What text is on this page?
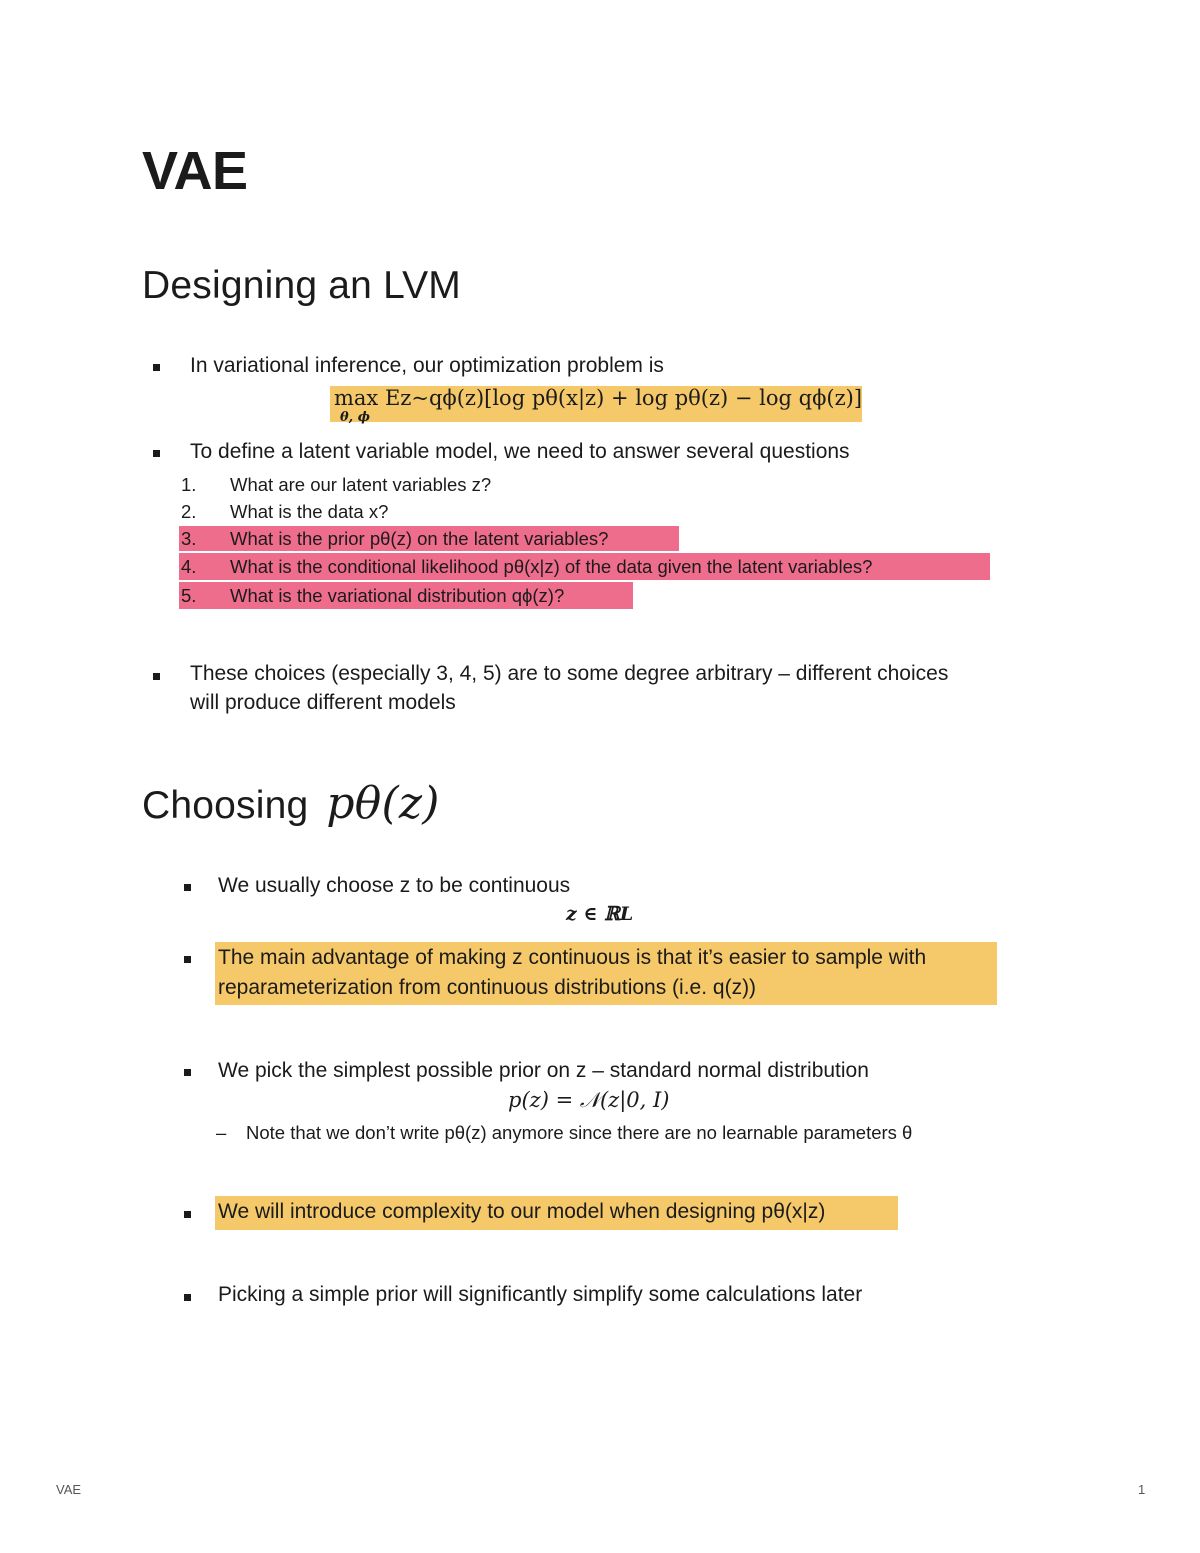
VAE
Designing an LVM
In variational inference, our optimization problem is
max Ez~qϕ(z)[log pθ(x|z) + log pθ(z) − log qϕ(z)]
θ, ϕ
To define a latent variable model, we need to answer several questions
1. What are our latent variables z?
2. What is the data x?
3. What is the prior pθ(z) on the latent variables?
4. What is the conditional likelihood pθ(x|z) of the data given the latent variables?
5. What is the variational distribution qϕ(z)?
These choices (especially 3, 4, 5) are to some degree arbitrary – different choices
will produce different models
Choosing pθ(z)
We usually choose z to be continuous
z ∈ ℝL
The main advantage of making z continuous is that it’s easier to sample with
reparameterization from continuous distributions (i.e. q(z))
We pick the simplest possible prior on z – standard normal distribution
p(z) = 𝒩(z|0, I)
– Note that we don’t write pθ(z) anymore since there are no learnable parameters θ
We will introduce complexity to our model when designing pθ(x|z)
Picking a simple prior will significantly simplify some calculations later
VAE	1
